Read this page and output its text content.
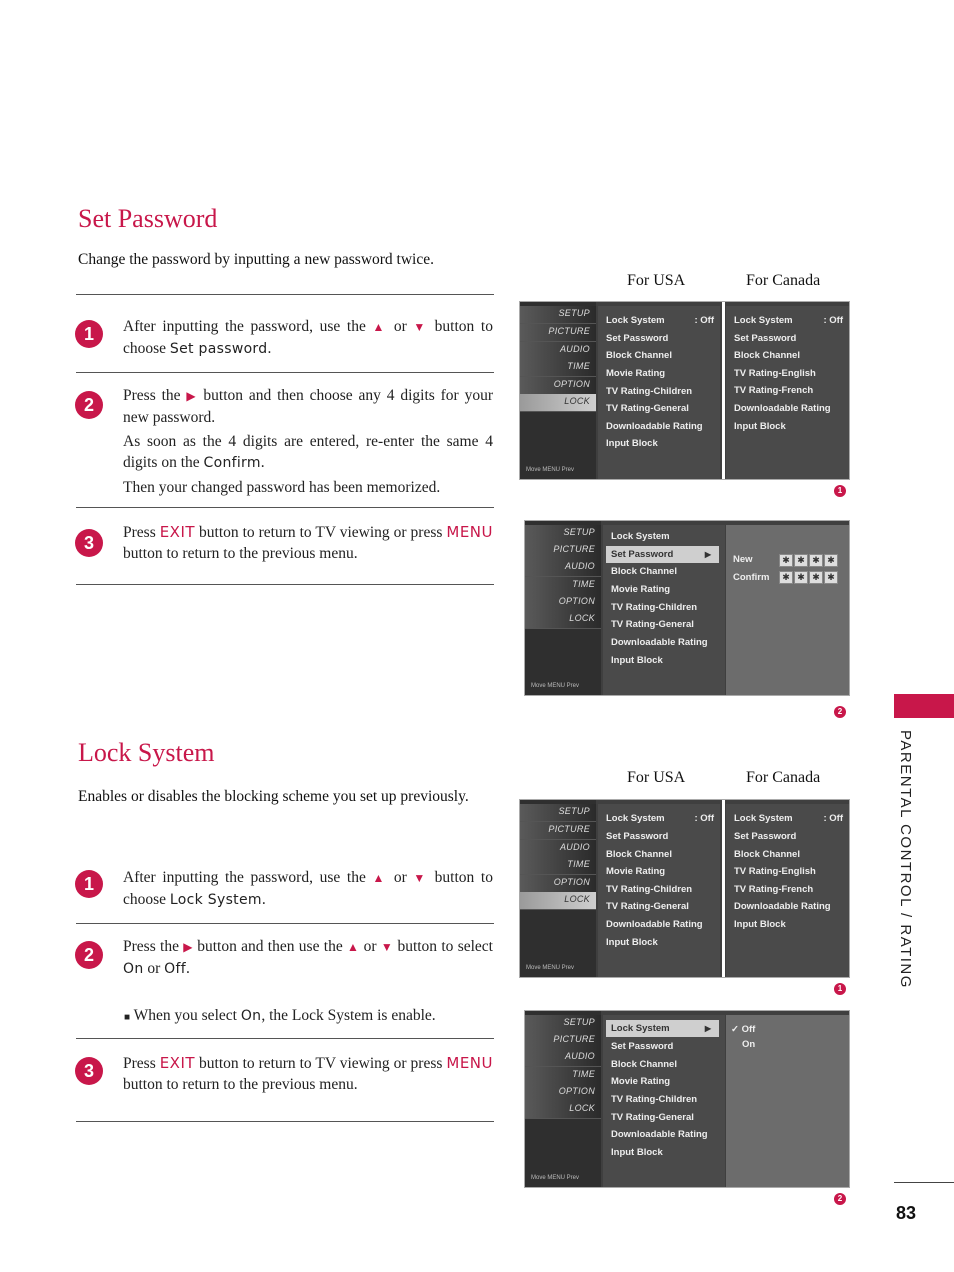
Set Password
Change the password by inputting a new password twice.
For USA	For Canada
1	After inputting the password, use the ▲ or ▼ button to choose Set password.

2	Press the ▶ button and then choose any 4 digits for your new password.

As soon as the 4 digits are entered, re-enter the same 4 digits on the Confirm.

Then your changed password has been memorized.

3

Press EXIT button to return to TV viewing or press MENU button to return to the previous menu.

SETUP
PICTURE
AUDIO
TIME
OPTION
LOCK
Move MENU Prev
Lock System	: Off
Set Password
Block Channel
Movie Rating
TV Rating-Children
TV Rating-General
Downloadable Rating
Input Block
Lock System	: Off
Set Password
Block Channel
TV Rating-English
TV Rating-French
Downloadable Rating
Input Block
1
SETUP
PICTURE
AUDIO
TIME
OPTION
LOCK
Move MENU Prev
Lock System
Set Password	▶
Block Channel
Movie Rating
TV Rating-Children
TV Rating-General
Downloadable Rating
Input Block
New
Confirm
✱ ✱ ✱ ✱
✱ ✱ ✱ ✱
2
Lock System
For USA	For Canada
Enables or disables the blocking scheme you set up previously.
1	After inputting the password, use the ▲ or ▼ button to choose Lock System.

2	Press the ▶ button and then use the ▲ or ▼ button to select On or Off.

■ When you select On, the Lock System is enable.

3	Press EXIT button to return to TV viewing or press MENU button to return to the previous menu.

SETUP
PICTURE
AUDIO
TIME
OPTION
LOCK
Move MENU Prev
Lock System	: Off
Set Password
Block Channel
Movie Rating
TV Rating-Children
TV Rating-General
Downloadable Rating
Input Block
Lock System	: Off
Set Password
Block Channel
TV Rating-English
TV Rating-French
Downloadable Rating
Input Block
1
SETUP
PICTURE
AUDIO
TIME
OPTION
LOCK
Move MENU Prev
Lock System	▶
Set Password
Block Channel
Movie Rating
TV Rating-Children
TV Rating-General
Downloadable Rating
Input Block
✓ Off
On
2
PARENTAL CONTROL / RATING
83
